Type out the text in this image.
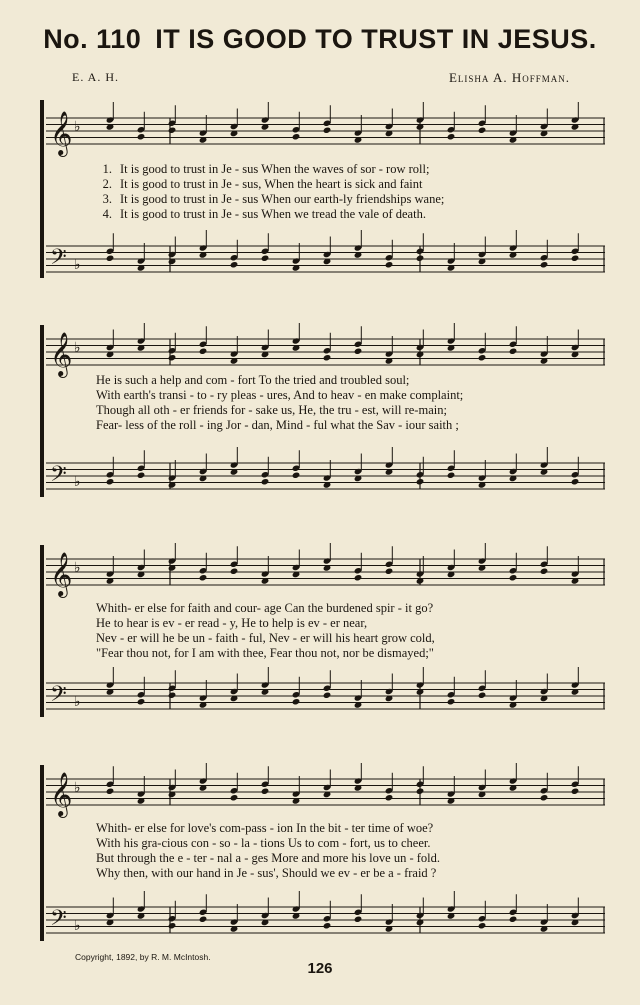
No. 110 IT IS GOOD TO TRUST IN JESUS.
E. A. H.	Elisha A. Hoffman.
𝄞 ♭
1. It is good to trust in Je - sus When the waves of sor - row roll;
2. It is good to trust in Je - sus, When the heart is sick and faint
3. It is good to trust in Je - sus When our earth-ly friendships wane;
4. It is good to trust in Je - sus When we tread the vale of death.
𝄢 ♭
𝄞 ♭
He is such a help and com - fort To the tried and troubled soul;
With earth's transi - to - ry pleas - ures, And to heav - en make complaint;
Though all oth - er friends for - sake us, He, the tru - est, will re-main;
Fear- less of the roll - ing Jor - dan, Mind - ful what the Sav - iour saith ;
𝄢 ♭
𝄞 ♭
Whith- er else for faith and cour- age Can the burdened spir - it go?
He to hear is ev - er read - y, He to help is ev - er near,
Nev - er will he be un - faith - ful, Nev - er will his heart grow cold,
"Fear thou not, for I am with thee, Fear thou not, nor be dismayed;"
𝄢 ♭
𝄞 ♭
Whith- er else for love's com-pass - ion In the bit - ter time of woe?
With his gra-cious con - so - la - tions Us to com - fort, us to cheer.
But through the e - ter - nal a - ges More and more his love un - fold.
Why then, with our hand in Je - sus', Should we ev - er be a - fraid ?
𝄢 ♭
Copyright, 1892, by R. M. McIntosh.
126
